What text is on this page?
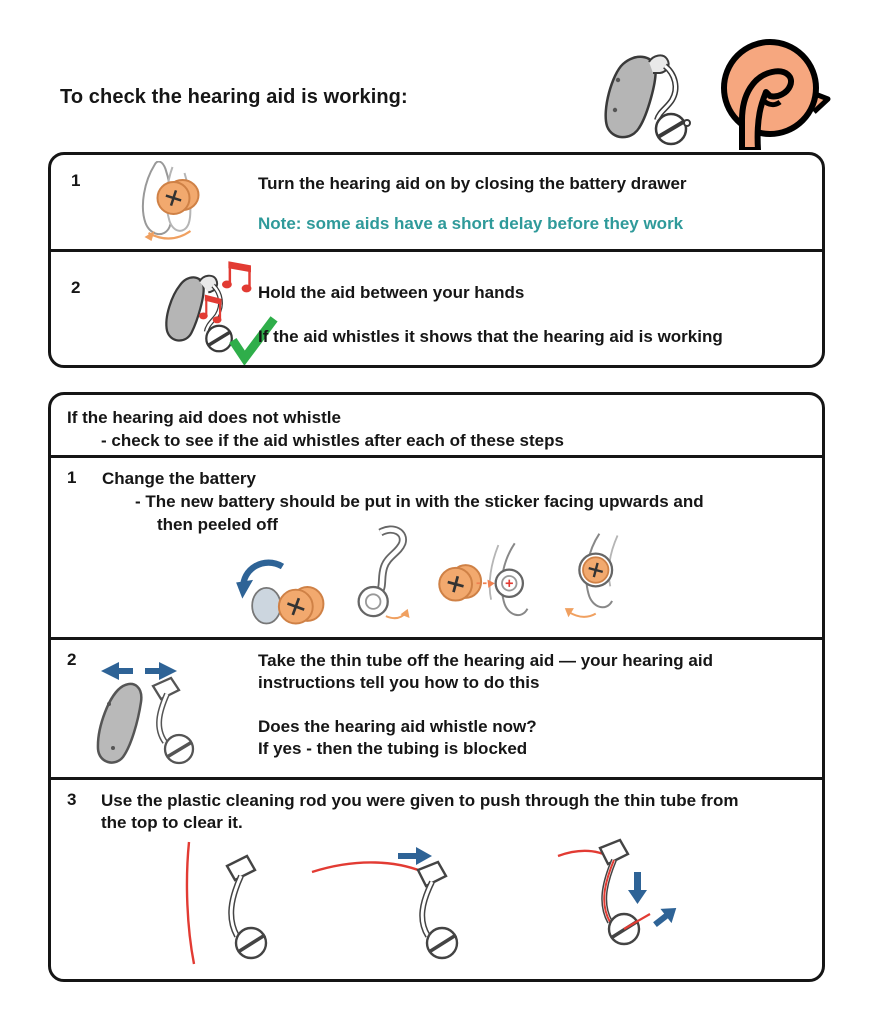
To check the hearing aid is working:
1	Turn the hearing aid on by closing the battery drawer
Note: some aids have a short delay before they work
2	Hold the aid between your hands
If the aid whistles it shows that the hearing aid is working
If the hearing aid does not whistle
- check to see if the aid whistles after each of these steps
1 Change the battery
- The new battery should be put in with the sticker facing upwards and
then peeled off
2	Take the thin tube off the hearing aid — your hearing aid
instructions tell you how to do this
Does the hearing aid whistle now?
If yes - then the tubing is blocked
3 Use the plastic cleaning rod you were given to push through the thin tube from
the top to clear it.
